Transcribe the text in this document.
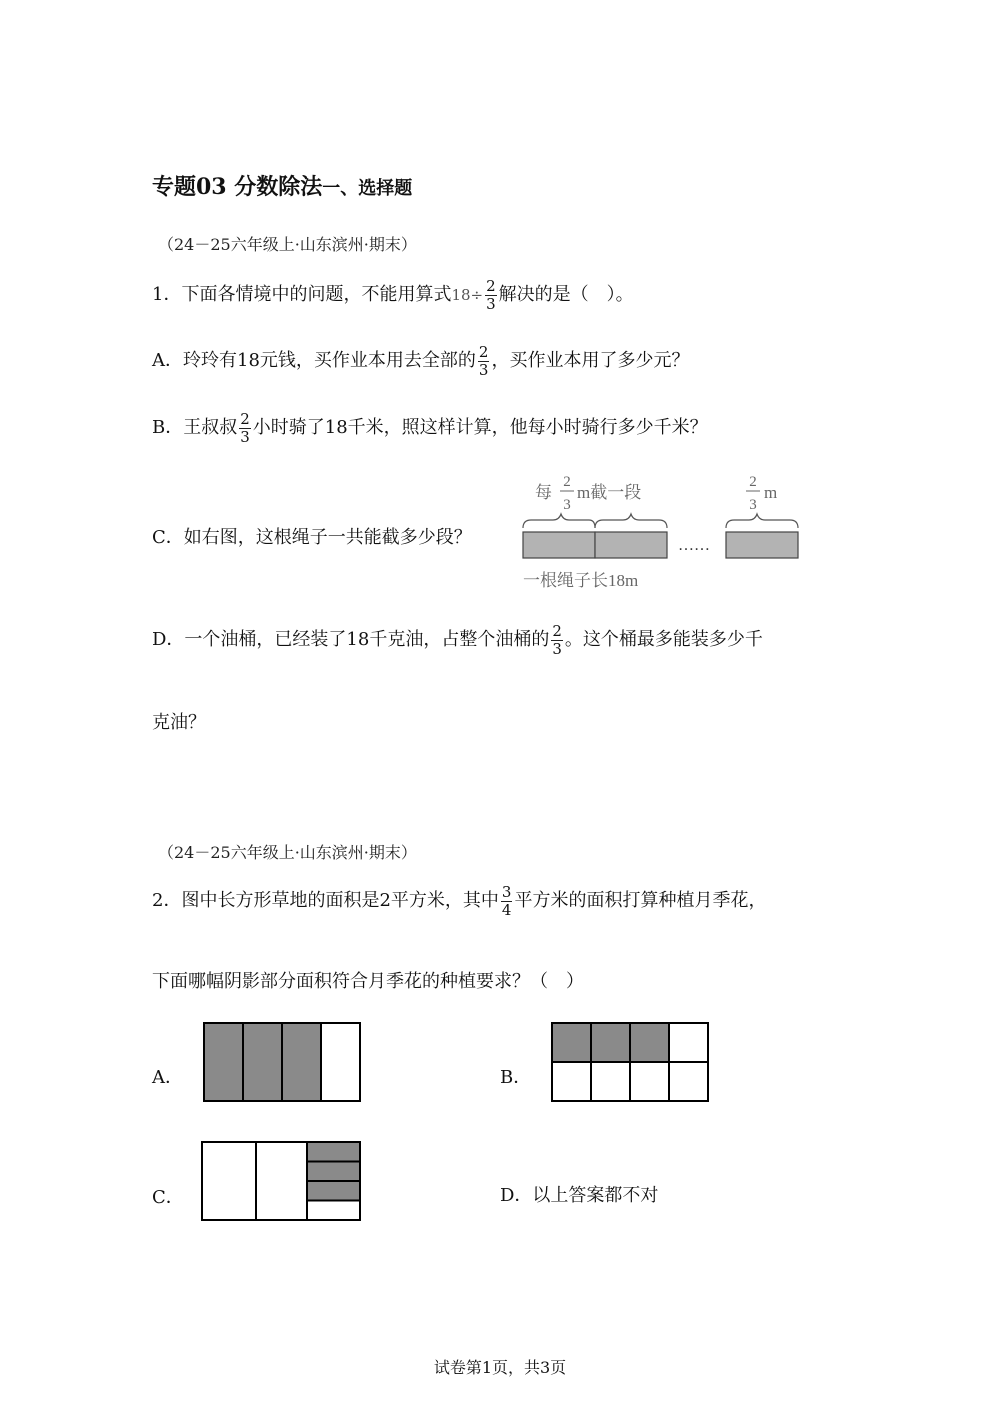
专题03 分数除法一、选择题
（24－25六年级上·山东滨州·期末）
1．下面各情境中的问题，不能用算式$18\div \frac{2}{3}$ 解决的是（　）。
A．玲玲有18元钱，买作业本用去全部的 $\frac{2}{3}$ ，买作业本用了多少元？
B．王叔叔 $\frac{2}{3}$ 小时骑了18千米，照这样计算，他每小时骑行多少千米？
C．如右图，这根绳子一共能截多少段？
每
2
3
m截一段
2
3
m
……
一根绳子长18m
D．一个油桶，已经装了18千克油，占整个油桶的 $\frac{2}{3}$ 。这个桶最多能装多少千
克油？
（24－25六年级上·山东滨州·期末）
2．图中长方形草地的面积是2平方米，其中 $\frac{3}{4}$ 平方米的面积打算种植月季花，
下面哪幅阴影部分面积符合月季花的种植要求？（　）
A．	B．
C．	D．以上答案都不对
试卷第1页，共3页
